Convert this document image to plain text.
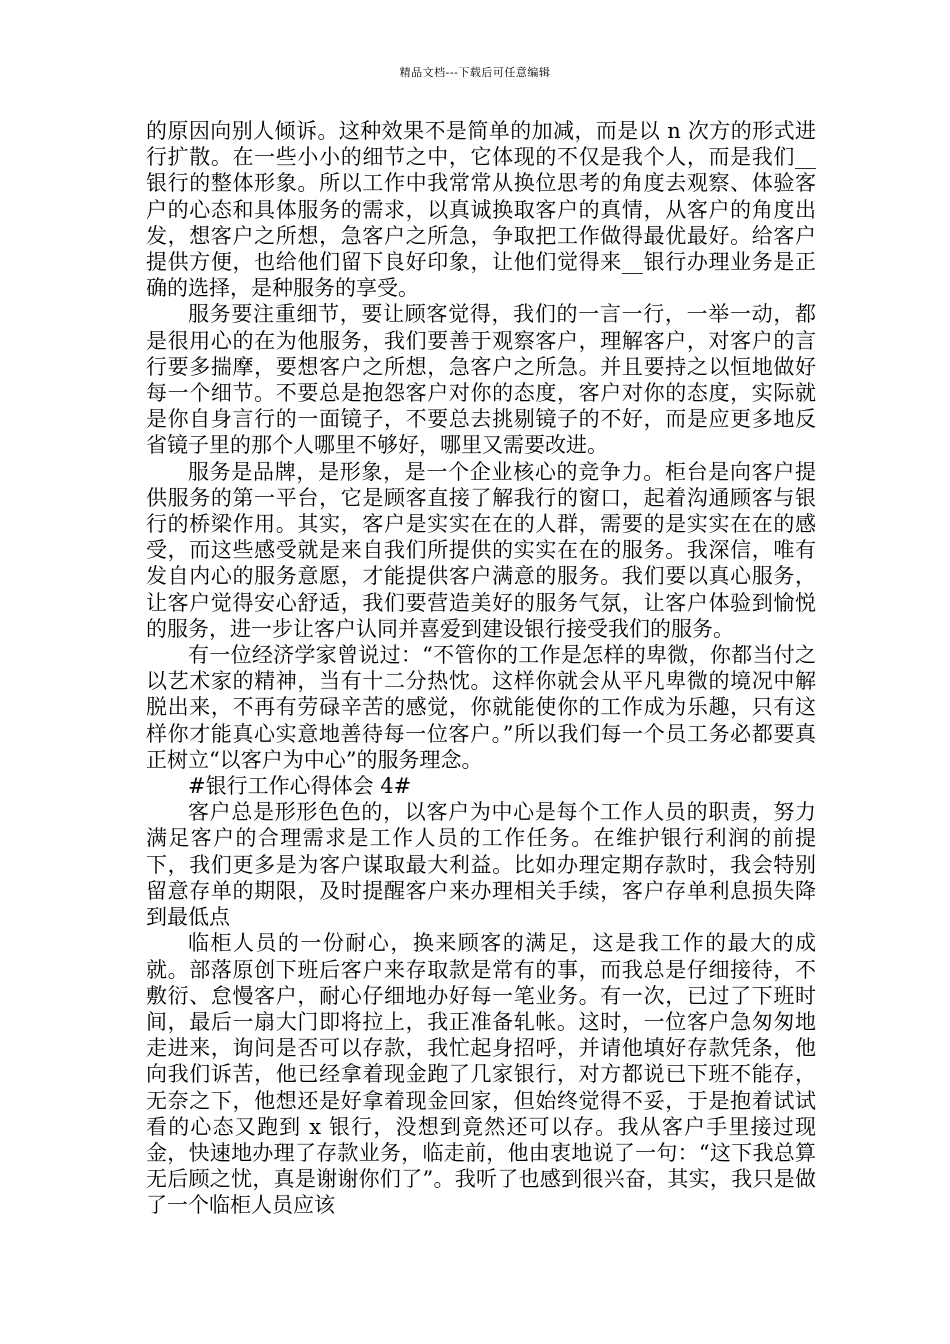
精品文档---下载后可任意编辑

的原因向别人倾诉。这种效果不是简单的加减，而是以 n 次方的形式进行扩散。在一些小小的细节之中，它体现的不仅是我个人，而是我们__银行的整体形象。所以工作中我常常从换位思考的角度去观察、体验客户的心态和具体服务的需求，以真诚换取客户的真情，从客户的角度出发，想客户之所想，急客户之所急，争取把工作做得最优最好。给客户提供方便，也给他们留下良好印象，让他们觉得来__银行办理业务是正确的选择，是种服务的享受。

服务要注重细节，要让顾客觉得，我们的一言一行，一举一动，都是很用心的在为他服务，我们要善于观察客户，理解客户，对客户的言行要多揣摩，要想客户之所想，急客户之所急。并且要持之以恒地做好每一个细节。不要总是抱怨客户对你的态度，客户对你的态度，实际就是你自身言行的一面镜子，不要总去挑剔镜子的不好，而是应更多地反省镜子里的那个人哪里不够好，哪里又需要改进。

服务是品牌，是形象，是一个企业核心的竞争力。柜台是向客户提供服务的第一平台，它是顾客直接了解我行的窗口，起着沟通顾客与银行的桥梁作用。其实，客户是实实在在的人群，需要的是实实在在的感受，而这些感受就是来自我们所提供的实实在在的服务。我深信，唯有发自内心的服务意愿，才能提供客户满意的服务。我们要以真心服务，让客户觉得安心舒适，我们要营造美好的服务气氛，让客户体验到愉悦的服务，进一步让客户认同并喜爱到建设银行接受我们的服务。

有一位经济学家曾说过：“不管你的工作是怎样的卑微，你都当付之以艺术家的精神，当有十二分热忱。这样你就会从平凡卑微的境况中解脱出来，不再有劳碌辛苦的感觉，你就能使你的工作成为乐趣，只有这样你才能真心实意地善待每一位客户。”所以我们每一个员工务必都要真正树立“以客户为中心”的服务理念。

#银行工作心得体会 4#

客户总是形形色色的，以客户为中心是每个工作人员的职责，努力满足客户的合理需求是工作人员的工作任务。在维护银行利润的前提下，我们更多是为客户谋取最大利益。比如办理定期存款时，我会特别留意存单的期限，及时提醒客户来办理相关手续，客户存单利息损失降到最低点

临柜人员的一份耐心，换来顾客的满足，这是我工作的最大的成就。部落原创下班后客户来存取款是常有的事，而我总是仔细接待，不敷衍、怠慢客户，耐心仔细地办好每一笔业务。有一次，已过了下班时间，最后一扇大门即将拉上，我正准备轧帐。这时，一位客户急匆匆地走进来，询问是否可以存款，我忙起身招呼，并请他填好存款凭条，他向我们诉苦，他已经拿着现金跑了几家银行，对方都说已下班不能存，无奈之下，他想还是好拿着现金回家，但始终觉得不妥，于是抱着试试看的心态又跑到 x 银行，没想到竟然还可以存。我从客户手里接过现金，快速地办理了存款业务，临走前，他由衷地说了一句：“这下我总算无后顾之忧，真是谢谢你们了”。我听了也感到很兴奋，其实，我只是做了一个临柜人员应该
